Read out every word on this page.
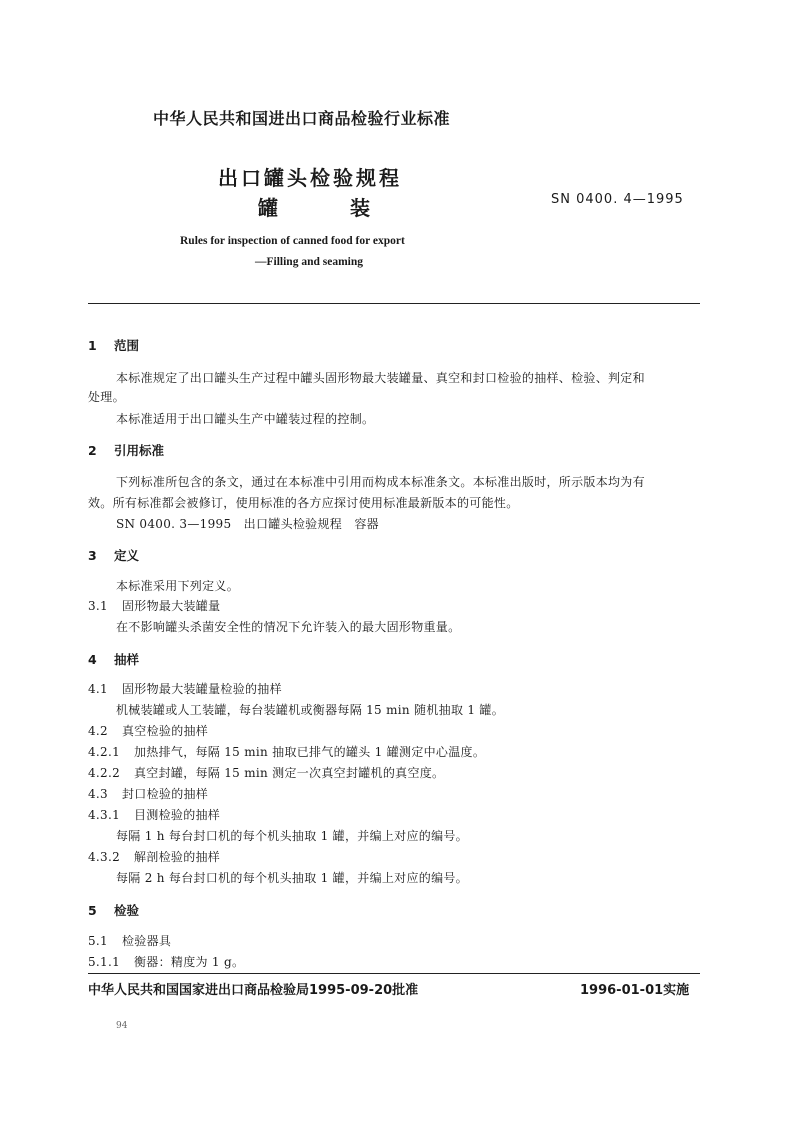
中华人民共和国进出口商品检验行业标准
出口罐头检验规程
罐	装	SN 0400. 4—1995
Rules for inspection of canned food for export
—Filling and seaming
1 范围
本标准规定了出口罐头生产过程中罐头固形物最大装罐量、真空和封口检验的抽样、检验、判定和
处理。
本标准适用于出口罐头生产中罐装过程的控制。
2 引用标准
下列标准所包含的条文，通过在本标准中引用而构成本标准条文。本标准出版时，所示版本均为有
效。所有标准都会被修订，使用标准的各方应探讨使用标准最新版本的可能性。
SN 0400. 3—1995　出口罐头检验规程　容器
3 定义
本标准采用下列定义。
3.1 固形物最大装罐量
在不影响罐头杀菌安全性的情况下允许装入的最大固形物重量。
4 抽样
4.1 固形物最大装罐量检验的抽样
机械装罐或人工装罐，每台装罐机或衡器每隔 15 min 随机抽取 1 罐。
4.2 真空检验的抽样
4.2.1 加热排气，每隔 15 min 抽取已排气的罐头 1 罐测定中心温度。
4.2.2 真空封罐，每隔 15 min 测定一次真空封罐机的真空度。
4.3 封口检验的抽样
4.3.1 目测检验的抽样
每隔 1 h 每台封口机的每个机头抽取 1 罐，并编上对应的编号。
4.3.2 解剖检验的抽样
每隔 2 h 每台封口机的每个机头抽取 1 罐，并编上对应的编号。
5 检验
5.1 检验器具
5.1.1 衡器：精度为 1 g。
中华人民共和国国家进出口商品检验局1995-09-20批准	1996-01-01实施
94
